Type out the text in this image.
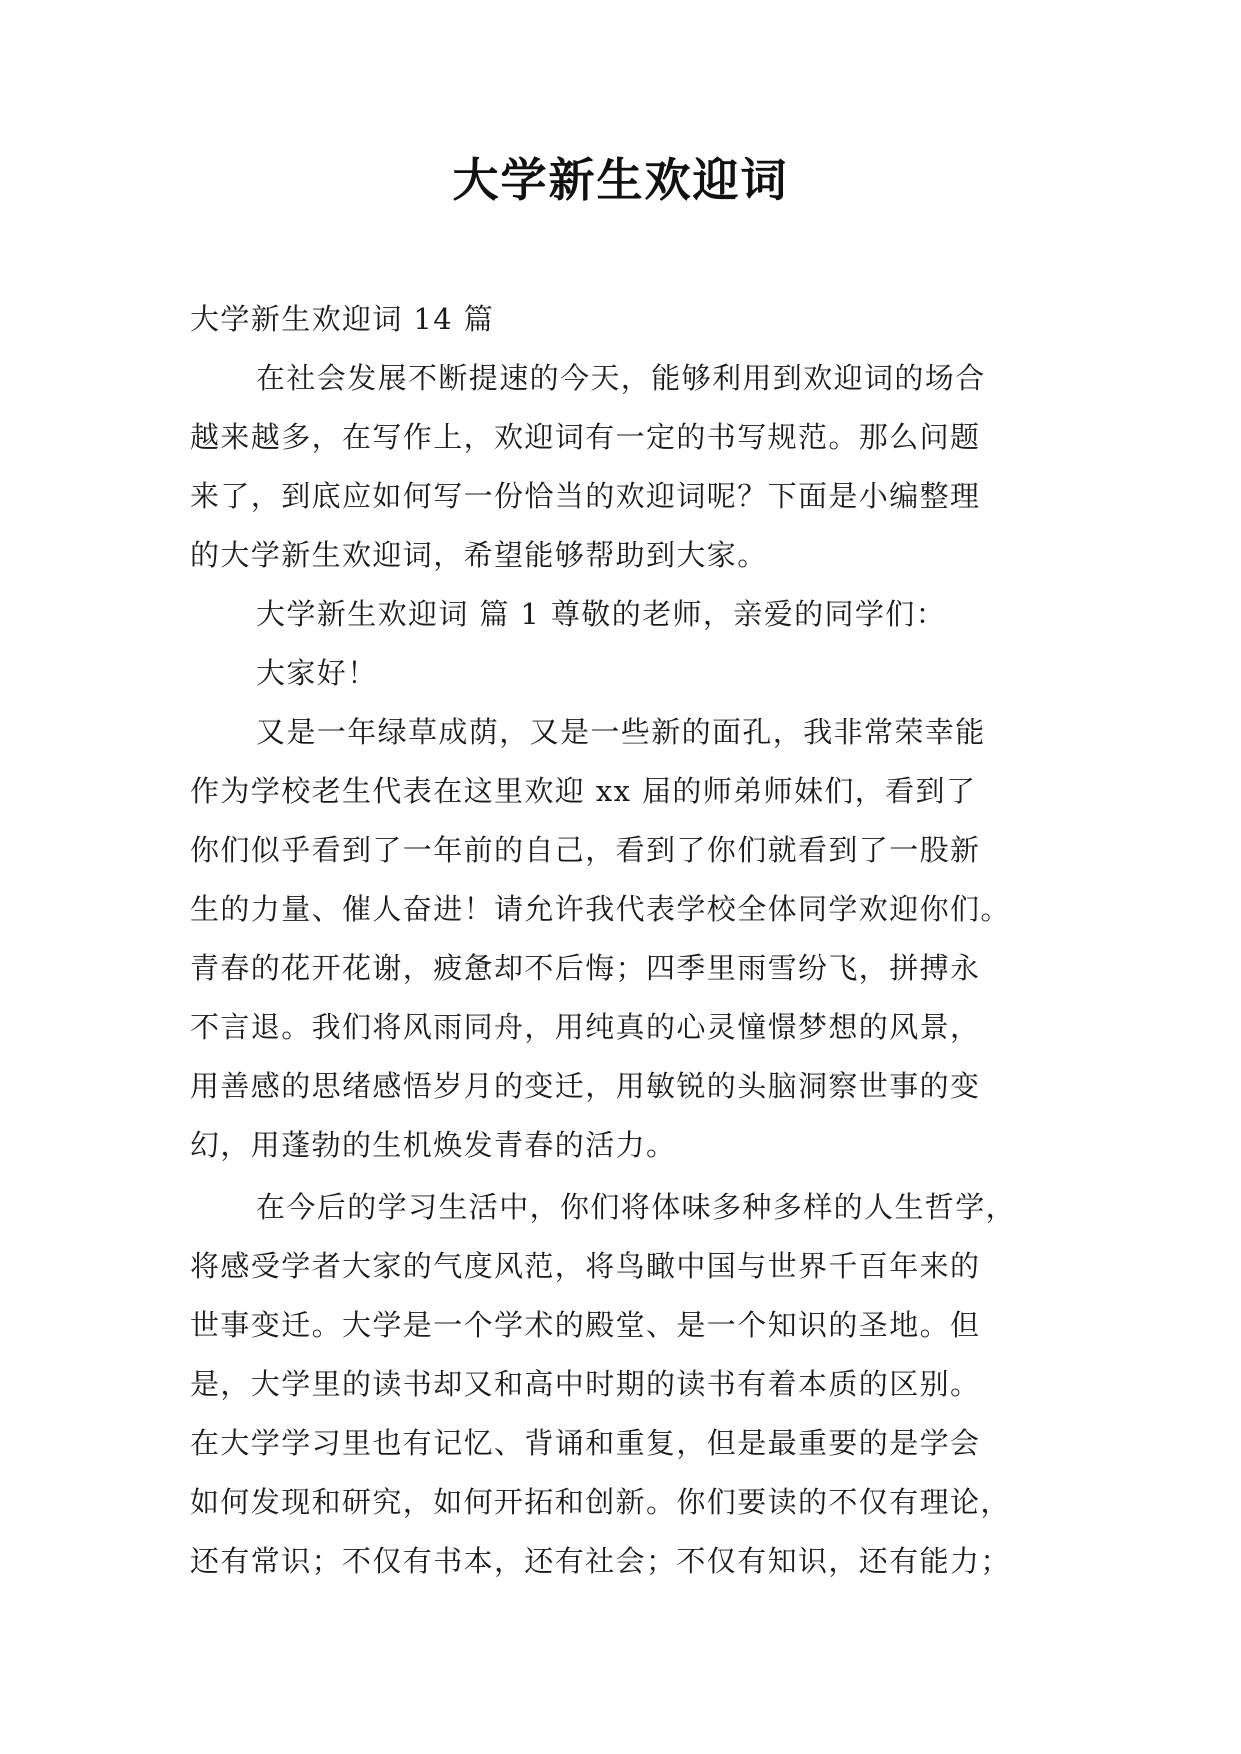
大学新生欢迎词

大学新生欢迎词 14 篇

在社会发展不断提速的今天，能够利用到欢迎词的场合

越来越多，在写作上，欢迎词有一定的书写规范。那么问题

来了，到底应如何写一份恰当的欢迎词呢？下面是小编整理

的大学新生欢迎词，希望能够帮助到大家。

大学新生欢迎词 篇 1 尊敬的老师，亲爱的同学们：

大家好！

又是一年绿草成荫，又是一些新的面孔，我非常荣幸能

作为学校老生代表在这里欢迎 xx 届的师弟师妹们，看到了

你们似乎看到了一年前的自己，看到了你们就看到了一股新

生的力量、催人奋进！请允许我代表学校全体同学欢迎你们。

青春的花开花谢，疲惫却不后悔；四季里雨雪纷飞，拼搏永

不言退。我们将风雨同舟，用纯真的心灵憧憬梦想的风景，

用善感的思绪感悟岁月的变迁，用敏锐的头脑洞察世事的变

幻，用蓬勃的生机焕发青春的活力。

在今后的学习生活中，你们将体味多种多样的人生哲学，

将感受学者大家的气度风范，将鸟瞰中国与世界千百年来的

世事变迁。大学是一个学术的殿堂、是一个知识的圣地。但

是，大学里的读书却又和高中时期的读书有着本质的区别。

在大学学习里也有记忆、背诵和重复，但是最重要的是学会

如何发现和研究，如何开拓和创新。你们要读的不仅有理论，

还有常识；不仅有书本，还有社会；不仅有知识，还有能力；
